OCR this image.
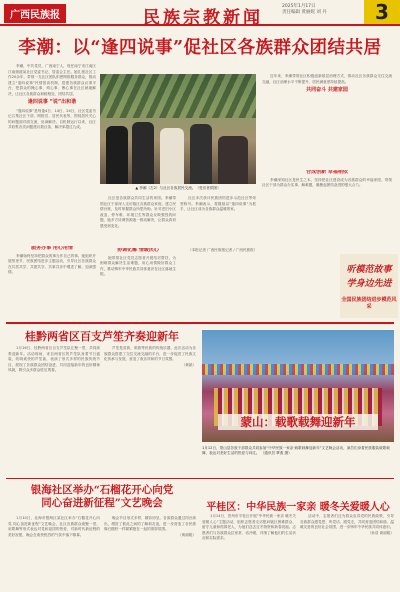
广西民族报	民族宗教新闻
2025年1月17日
责任编辑 黄丽妮 刘 丹	3
李潮：以“逢四说事”促社区各族群众团结共居

李潮，中共党员，广西南宁人，现任南宁市江南区江南街道某社区党委书记、居委会主任。她扎根社区工作20余年，带领一支社区团队织密网格服务群众，推动建立“逢四说事”民情恳谈机制，搭建各族群众议事平台，把群众的操心事、烦心事、揪心事在社区就地解决，让社区各族群众和睦相处、团结共居。

逢四说事 “说”出和谐

“逢四说事”是每逢4日、14日、24日，社区党委书记召集社区干部、网格员、居民代表等，围绕居民关心的问题面对面交流、协商解决。自机制运行以来，社区共收集各类问题建议数百条，解决率超过九成。

▲ 李潮（左2）与社区各族居民交流。（受访者供图）

社区是各族群众共同生活的家园。李潮带领社区干部深入走访辖区各族群众家庭，建立民情台账，及时掌握群众所思所盼。针对老旧小区改造、停车难、环境卫生等群众反映强烈的问题，她多方协调资源逐一推动解决，让群众真切感受到变化。

社区多次获评民族团结进步示范社区等荣誉称号。李潮表示，将继续以“逢四说事”为抓手，让社区成为各族群众温暖的家。

服务办事 用心用情

李潮始终坚持把群众的事当作自己的事。她组织开展邻里节、民族团结进步主题活动，引导社区各族群众在共居共学、共建共享、共事共乐中增进了解、加深感情。

协调化解 情暖民心

她带领社区党员志愿者开展结对帮扶，为困难群众解决生活难题，用心用情做好群众工作，推动铸牢中华民族共同体意识在社区落地生根。

近年来，李潮带领社区积极创新基层治理方式，推动社区各族群众交往交流交融，社区治理水平不断提升，居民满意度持续提高。

共同奋斗 共建家园
合成创新 幸福相依

李潮深知社区是民生之本，坚持把社区建设成为各族群众的幸福家园，带领社区干部为群众办实事、解难题，凝聚起团结奋进的强大合力。

（本报记者 广西民族报记者 / 广西民族报）

听模范故事
学身边先进
全国民族团结进步模范风采
桂黔两省区百支芦笙齐奏迎新年

1月16日，桂黔两省区百支芦笙队汇聚一堂，共同演奏迎新年。活动现场，来自两省区的芦笙队身着节日盛装，吹响欢快的芦笙曲，表演了形式多样的民族传统节目，展现了各族群众团结奋进、共同迎接新年的良好精神风貌，吸引众多群众驻足观看。

芦笙是苗族、侗族等民族的传统乐器，此次活动为各族群众搭建了交往交流交融的平台，进一步促进了民族文化传承与发展，营造了欢乐祥和的节日氛围。

（黄斌）
1月12日，蒙山县各族干部群众共同参加“中华民族一家亲·载歌载舞迎新年”文艺晚会活动，演员们身着民族服装载歌载舞，表达对美好生活的热爱与向往。 （通讯员 覃燕 摄）
蒙山：载歌载舞迎新年
银海社区举办“石榴花开心向党
同心奋进新征程”文艺晚会

1月10日，北海市银海区某社区举办“石榴花开心向党 同心奋进新征程”文艺晚会，社区各族群众欢聚一堂，用歌舞等形式表达对党和祖国的热爱，对新时代新征程的美好祝愿，晚会在欢快热烈的气氛中落下帷幕。

晚会节目形式多样，精彩纷呈。各族群众通过同台演出，增进了彼此之间的了解和友谊，进一步营造了各民族像石榴籽一样紧紧抱在一起的浓厚氛围。

（黄丽妮）
平桂区：中华民族一家亲 暖冬关爱暖人心

1月14日，贺州市平桂区开展“中华民族一家亲 暖冬关爱暖人心”主题活动，组织志愿者走访慰问辖区困难群众、留守儿童和孤寡老人，为他们送去过冬物资和新春祝福。志愿者们与各族群众拉家常、话冷暖，详细了解他们的生活状况和实际需求。

活动中，志愿者们还为群众宣讲党的民族政策，引导各族群众感党恩、听党话、跟党走，共同营造团结和谐、温暖友爱的良好社会氛围，进一步铸牢中华民族共同体意识。

（孙浩 黄丽妮）
